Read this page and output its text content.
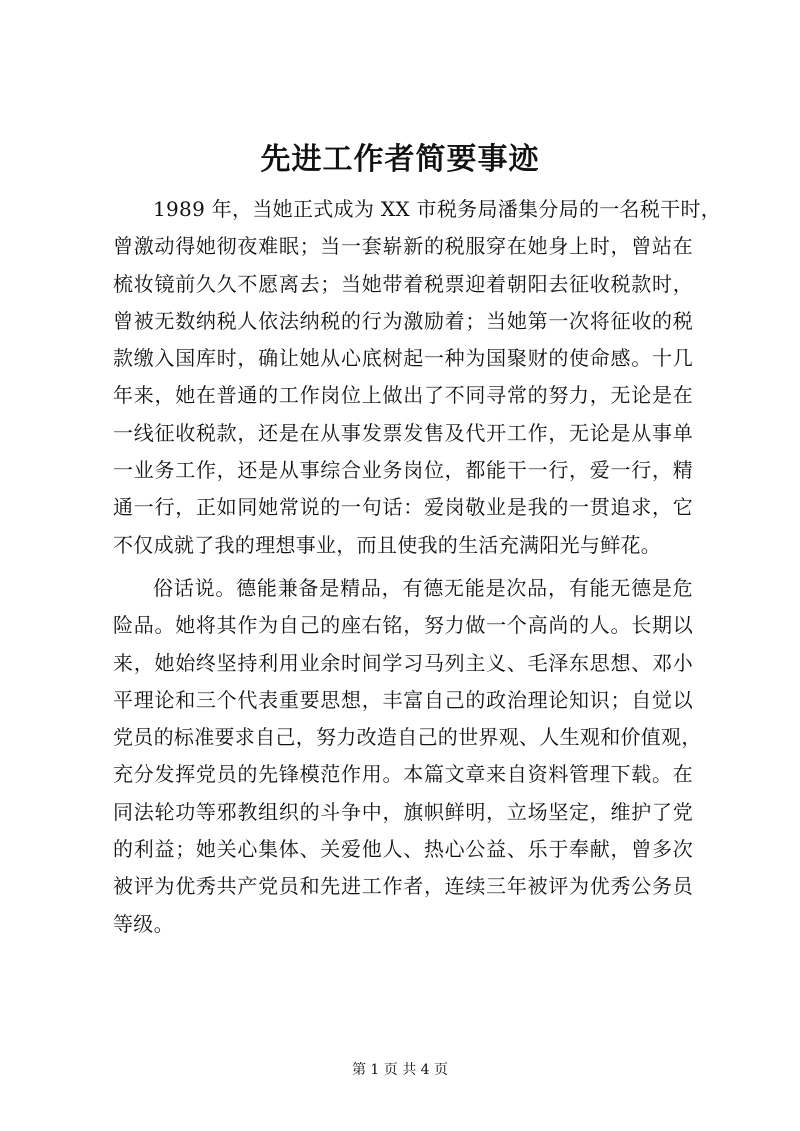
先进工作者简要事迹
1989 年，当她正式成为 XX 市税务局潘集分局的一名税干时，
曾激动得她彻夜难眠；当一套崭新的税服穿在她身上时，曾站在
梳妆镜前久久不愿离去；当她带着税票迎着朝阳去征收税款时，
曾被无数纳税人依法纳税的行为激励着；当她第一次将征收的税
款缴入国库时，确让她从心底树起一种为国聚财的使命感。十几
年来，她在普通的工作岗位上做出了不同寻常的努力，无论是在
一线征收税款，还是在从事发票发售及代开工作，无论是从事单
一业务工作，还是从事综合业务岗位，都能干一行，爱一行，精
通一行，正如同她常说的一句话：爱岗敬业是我的一贯追求，它
不仅成就了我的理想事业，而且使我的生活充满阳光与鲜花。
俗话说。德能兼备是精品，有德无能是次品，有能无德是危
险品。她将其作为自己的座右铭，努力做一个高尚的人。长期以
来，她始终坚持利用业余时间学习马列主义、毛泽东思想、邓小
平理论和三个代表重要思想，丰富自己的政治理论知识；自觉以
党员的标准要求自己，努力改造自己的世界观、人生观和价值观，
充分发挥党员的先锋模范作用。本篇文章来自资料管理下载。在
同法轮功等邪教组织的斗争中，旗帜鲜明，立场坚定，维护了党
的利益；她关心集体、关爱他人、热心公益、乐于奉献，曾多次
被评为优秀共产党员和先进工作者，连续三年被评为优秀公务员
等级。
第 1 页 共 4 页
